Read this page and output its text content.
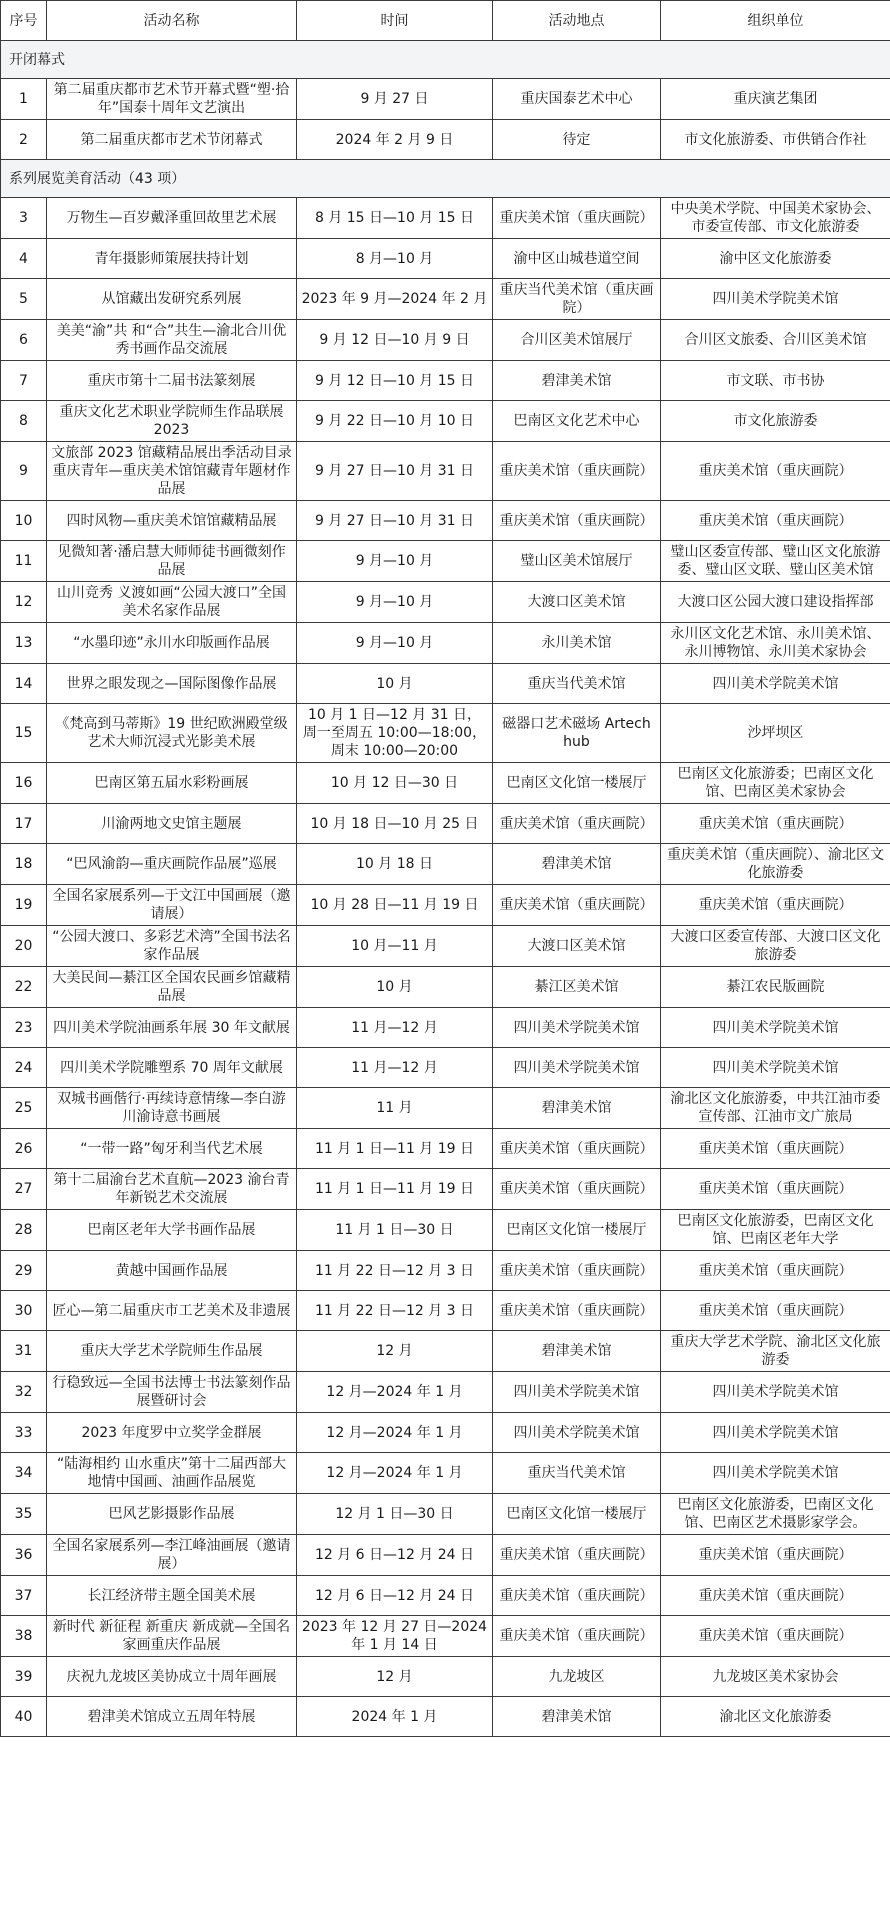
序号	活动名称	时间	活动地点	组织单位
开闭幕式				
1	第二届重庆都市艺术节开幕式暨“塑·拾年”国泰十周年文艺演出	9 月 27 日	重庆国泰艺术中心	重庆演艺集团
2	第二届重庆都市艺术节闭幕式	2024 年 2 月 9 日	待定	市文化旅游委、市供销合作社
系列展览美育活动（43 项）				
3	万物生—百岁戴泽重回故里艺术展	8 月 15 日—10 月 15 日	重庆美术馆（重庆画院）	中央美术学院、中国美术家协会、市委宣传部、市文化旅游委
4	青年摄影师策展扶持计划	8 月—10 月	渝中区山城巷道空间	渝中区文化旅游委
5	从馆藏出发研究系列展	2023 年 9 月—2024 年 2 月	重庆当代美术馆（重庆画院）	四川美术学院美术馆
6	美美“渝”共 和“合”共生—渝北合川优秀书画作品交流展	9 月 12 日—10 月 9 日	合川区美术馆展厅	合川区文旅委、合川区美术馆
7	重庆市第十二届书法篆刻展	9 月 12 日—10 月 15 日	碧津美术馆	市文联、市书协
8	重庆文化艺术职业学院师生作品联展 2023	9 月 22 日—10 月 10 日	巴南区文化艺术中心	市文化旅游委
9	文旅部 2023 馆藏精品展出季活动目录重庆青年—重庆美术馆馆藏青年题材作品展	9 月 27 日—10 月 31 日	重庆美术馆（重庆画院）	重庆美术馆（重庆画院）
10	四时风物—重庆美术馆馆藏精品展	9 月 27 日—10 月 31 日	重庆美术馆（重庆画院）	重庆美术馆（重庆画院）
11	见微知著·潘启慧大师师徒书画微刻作品展	9 月—10 月	璧山区美术馆展厅	璧山区委宣传部、璧山区文化旅游委、璧山区文联、璧山区美术馆
12	山川竞秀 义渡如画“公园大渡口”全国美术名家作品展	9 月—10 月	大渡口区美术馆	大渡口区公园大渡口建设指挥部
13	“水墨印迹”永川水印版画作品展	9 月—10 月	永川美术馆	永川区文化艺术馆、永川美术馆、永川博物馆、永川美术家协会
14	世界之眼发现之—国际图像作品展	10 月	重庆当代美术馆	四川美术学院美术馆
15	《梵高到马蒂斯》19 世纪欧洲殿堂级艺术大师沉浸式光影美术展	10 月 1 日—12 月 31 日，周一至周五 10:00—18:00，周末 10:00—20:00	磁器口艺术磁场 Artech hub	沙坪坝区
16	巴南区第五届水彩粉画展	10 月 12 日—30 日	巴南区文化馆一楼展厅	巴南区文化旅游委；巴南区文化馆、巴南区美术家协会
17	川渝两地文史馆主题展	10 月 18 日—10 月 25 日	重庆美术馆（重庆画院）	重庆美术馆（重庆画院）
18	“巴风渝韵—重庆画院作品展”巡展	10 月 18 日	碧津美术馆	重庆美术馆（重庆画院）、渝北区文化旅游委
19	全国名家展系列—于文江中国画展（邀请展）	10 月 28 日—11 月 19 日	重庆美术馆（重庆画院）	重庆美术馆（重庆画院）
20	“公园大渡口、多彩艺术湾”全国书法名家作品展	10 月—11 月	大渡口区美术馆	大渡口区委宣传部、大渡口区文化旅游委
22	大美民间—綦江区全国农民画乡馆藏精品展	10 月	綦江区美术馆	綦江农民版画院
23	四川美术学院油画系年展 30 年文献展	11 月—12 月	四川美术学院美术馆	四川美术学院美术馆
24	四川美术学院雕塑系 70 周年文献展	11 月—12 月	四川美术学院美术馆	四川美术学院美术馆
25	双城书画偕行·再续诗意情缘—李白游川渝诗意书画展	11 月	碧津美术馆	渝北区文化旅游委，中共江油市委宣传部、江油市文广旅局
26	“一带一路”匈牙利当代艺术展	11 月 1 日—11 月 19 日	重庆美术馆（重庆画院）	重庆美术馆（重庆画院）
27	第十二届渝台艺术直航—2023 渝台青年新锐艺术交流展	11 月 1 日—11 月 19 日	重庆美术馆（重庆画院）	重庆美术馆（重庆画院）
28	巴南区老年大学书画作品展	11 月 1 日—30 日	巴南区文化馆一楼展厅	巴南区文化旅游委，巴南区文化馆、巴南区老年大学
29	黄越中国画作品展	11 月 22 日—12 月 3 日	重庆美术馆（重庆画院）	重庆美术馆（重庆画院）
30	匠心—第二届重庆市工艺美术及非遗展	11 月 22 日—12 月 3 日	重庆美术馆（重庆画院）	重庆美术馆（重庆画院）
31	重庆大学艺术学院师生作品展	12 月	碧津美术馆	重庆大学艺术学院、渝北区文化旅游委
32	行稳致远—全国书法博士书法篆刻作品展暨研讨会	12 月—2024 年 1 月	四川美术学院美术馆	四川美术学院美术馆
33	2023 年度罗中立奖学金群展	12 月—2024 年 1 月	四川美术学院美术馆	四川美术学院美术馆
34	“陆海相约 山水重庆”第十二届西部大地情中国画、油画作品展览	12 月—2024 年 1 月	重庆当代美术馆	四川美术学院美术馆
35	巴风艺影摄影作品展	12 月 1 日—30 日	巴南区文化馆一楼展厅	巴南区文化旅游委，巴南区文化馆、巴南区艺术摄影家学会。
36	全国名家展系列—李江峰油画展（邀请展）	12 月 6 日—12 月 24 日	重庆美术馆（重庆画院）	重庆美术馆（重庆画院）
37	长江经济带主题全国美术展	12 月 6 日—12 月 24 日	重庆美术馆（重庆画院）	重庆美术馆（重庆画院）
38	新时代 新征程 新重庆 新成就—全国名家画重庆作品展	2023 年 12 月 27 日—2024 年 1 月 14 日	重庆美术馆（重庆画院）	重庆美术馆（重庆画院）
39	庆祝九龙坡区美协成立十周年画展	12 月	九龙坡区	九龙坡区美术家协会
40	碧津美术馆成立五周年特展	2024 年 1 月	碧津美术馆	渝北区文化旅游委
